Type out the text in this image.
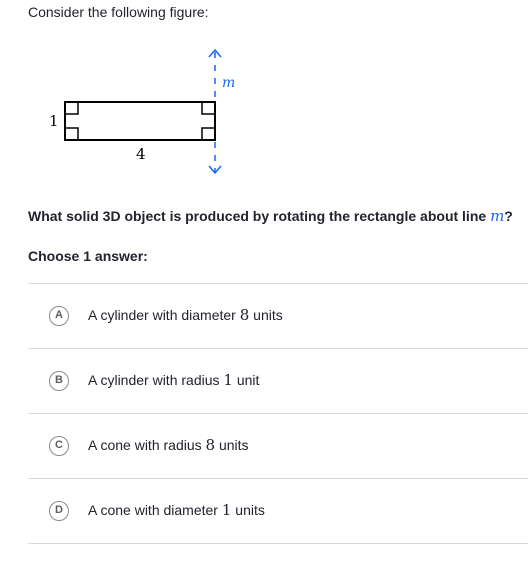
Consider the following figure:
m
1
4
What solid 3D object is produced by rotating the rectangle about line m?
Choose 1 answer:
A	A cylinder with diameter 8 units
B	A cylinder with radius 1 unit
C	A cone with radius 8 units
D	A cone with diameter 1 units
